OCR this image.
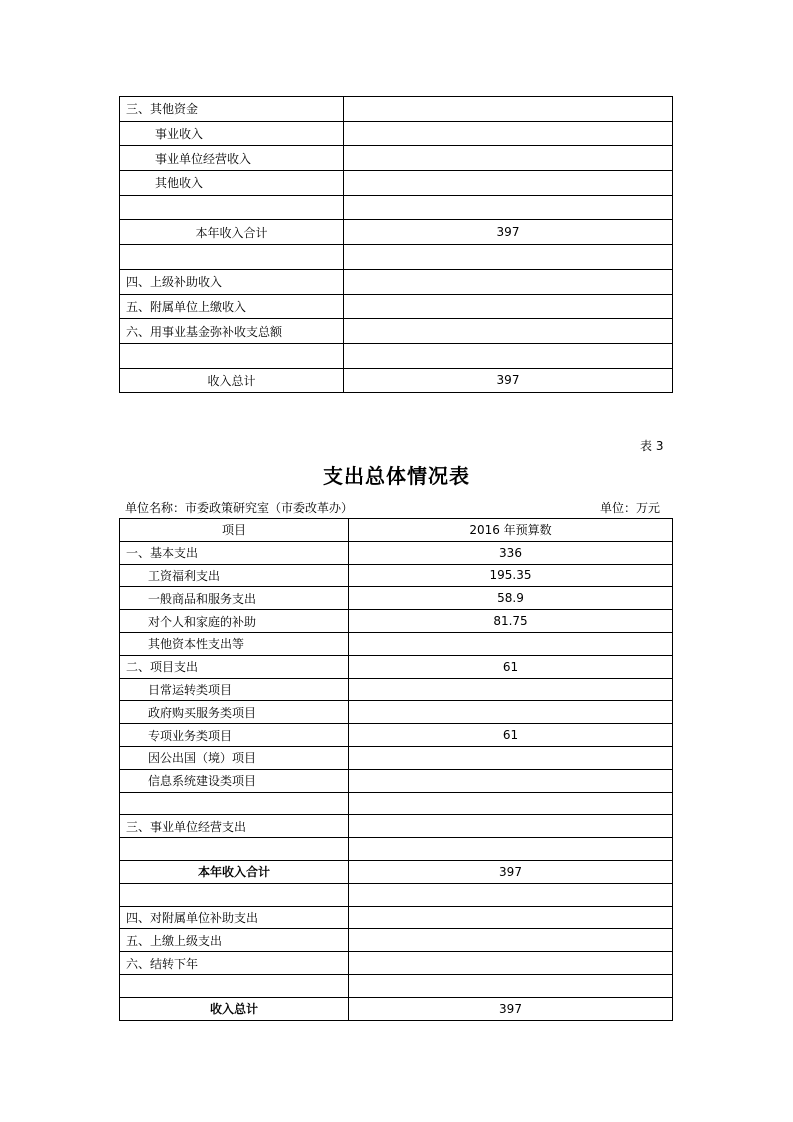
三、其他资金	
事业收入	
事业单位经营收入	
其他收入	

本年收入合计	397

四、上级补助收入	
五、附属单位上缴收入	
六、用事业基金弥补收支总额	

收入总计	397
表 3
支出总体情况表
单位名称：市委政策研究室（市委改革办）	单位：万元
项目	2016 年预算数
一、基本支出	336
工资福利支出	195.35
一般商品和服务支出	58.9
对个人和家庭的补助	81.75
其他资本性支出等	
二、项目支出	61
日常运转类项目	
政府购买服务类项目	
专项业务类项目	61
因公出国（境）项目	
信息系统建设类项目	

三、事业单位经营支出	

本年收入合计	397

四、对附属单位补助支出	
五、上缴上级支出	
六、结转下年	

收入总计	397
